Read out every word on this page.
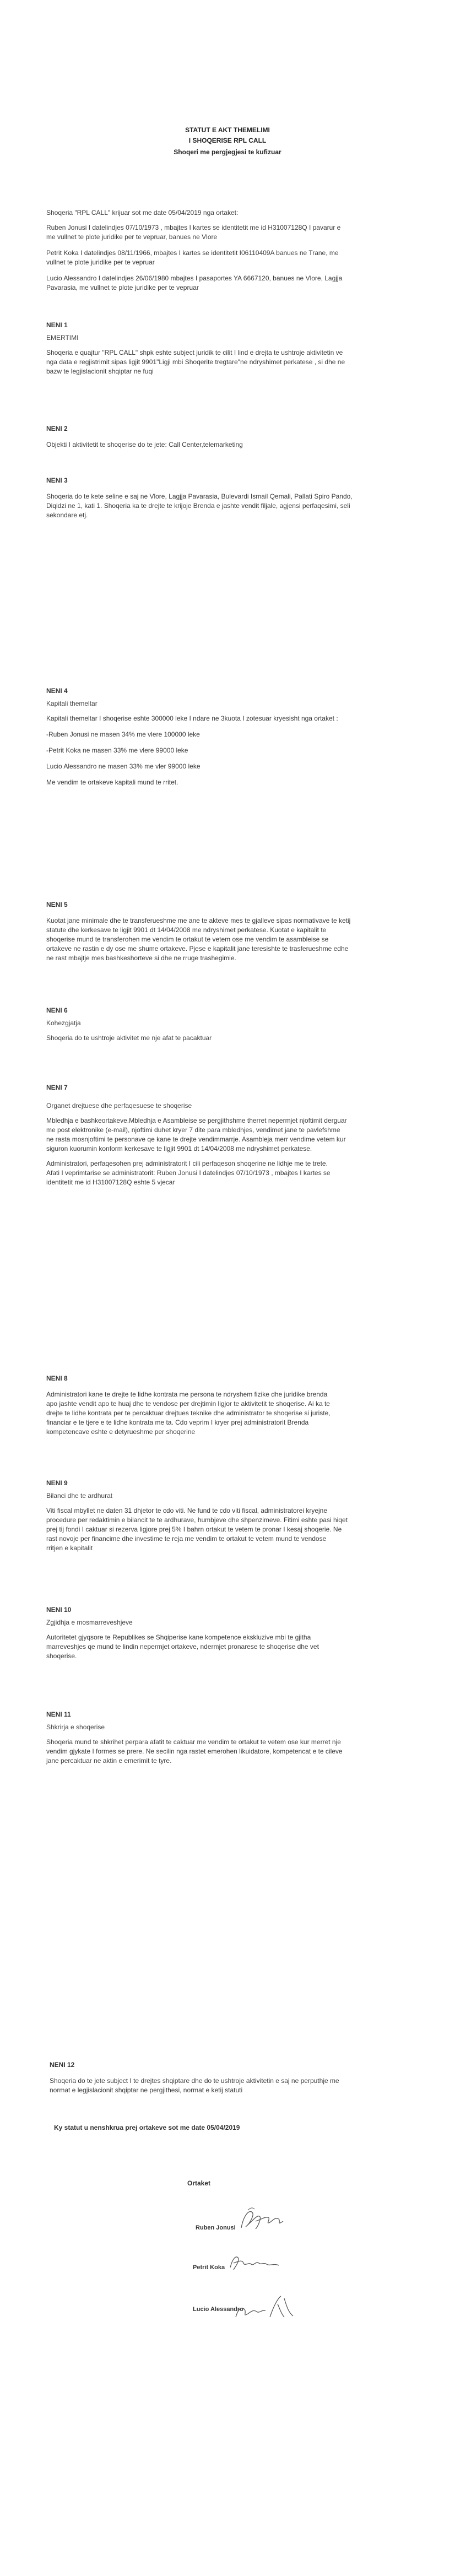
STATUT E AKT THEMELIMI
I SHOQERISE RPL CALL
Shoqeri me pergjegjesi te kufizuar
Shoqeria "RPL CALL" krijuar sot me date 05/04/2019 nga ortaket:
Ruben Jonusi I datelindjes 07/10/1973 , mbajtes I kartes se identitetit me id H31007128Q I pavarur e
me vullnet te plote juridike per te vepruar, banues ne Vlore
Petrit Koka I datelindjes 08/11/1966, mbajtes I kartes se identitetit I06110409A banues ne Trane, me
vullnet te plote juridike per te vepruar
Lucio Alessandro I datelindjes 26/06/1980 mbajtes I pasaportes YA 6667120, banues ne Vlore, Lagjja
Pavarasia, me vullnet te plote juridike per te vepruar

NENI 1

EMERTIMI

Shoqeria e quajtur "RPL CALL" shpk eshte subject juridik te cilit I lind e drejta te ushtroje aktivitetin ve
nga data e regjistrimit sipas ligjit 9901"Ligji mbi Shoqerite tregtare"ne ndryshimet perkatese , si dhe ne
bazw te legjislacionit shqiptar ne fuqi

NENI 2

Objekti I aktivitetit te shoqerise do te jete: Call Center,telemarketing

NENI 3

Shoqeria do te kete seline e saj ne Vlore, Lagjja Pavarasia, Bulevardi Ismail Qemali, Pallati Spiro Pando,
Diqidzi ne 1, kati 1. Shoqeria ka te drejte te krijoje Brenda e jashte vendit filjale, agjensi perfaqesimi, seli
sekondare etj.

NENI 4

Kapitali themeltar

Kapitali themeltar I shoqerise eshte 300000 leke I ndare ne 3kuota I zotesuar kryesisht nga ortaket :
-Ruben Jonusi ne masen 34% me vlere 100000 leke
-Petrit Koka ne masen 33% me vlere 99000 leke
Lucio Alessandro ne masen 33% me vler 99000 leke
Me vendim te ortakeve kapitali mund te rritet.

NENI 5

Kuotat jane minimale dhe te transferueshme me ane te akteve mes te gjalleve sipas normativave te ketij
statute dhe kerkesave te ligjit 9901 dt 14/04/2008 me ndryshimet perkatese. Kuotat e kapitalit te
shoqerise mund te transferohen me vendim te ortakut te vetem ose me vendim te asambleise se
ortakeve ne rastin e dy ose me shume ortakeve. Pjese e kapitalit jane teresishte te trasferueshme edhe
ne rast mbajtje mes bashkeshorteve si dhe ne rruge trashegimie.

NENI 6

Kohezgjatja

Shoqeria do te ushtroje aktivitet me nje afat te pacaktuar

NENI 7

Organet drejtuese dhe perfaqesuese te shoqerise

Mbledhja e bashkeortakeve.Mbledhja e Asambleise se pergjithshme therret nepermjet njoftimit derguar
me post elektronike (e-mail), njoftimi duhet kryer 7 dite para mbledhjes, vendimet jane te pavlefshme
ne rasta mosnjoftimi te personave qe kane te drejte vendimmarrje. Asambleja merr vendime vetem kur
siguron kuorumin konform kerkesave te ligjit 9901 dt 14/04/2008 me ndryshimet perkatese.
Administratori, perfaqesohen prej administratorit I cili perfaqeson shoqerine ne lidhje me te trete.
Afati I veprimtarise se administratorit: Ruben Jonusi I datelindjes 07/10/1973 , mbajtes I kartes se
identitetit me id H31007128Q eshte 5 vjecar

NENI 8

Administratori kane te drejte te lidhe kontrata me persona te ndryshem fizike dhe juridike brenda
apo jashte vendit apo te huaj dhe te vendose per drejtimin ligjor te aktivitetit te shoqerise. Ai ka te
drejte te lidhe kontrata per te percaktuar drejtues teknike dhe administrator te shoqerise si juriste,
financiar e te tjere e te lidhe kontrata me ta. Cdo veprim I kryer prej administratorit Brenda
kompetencave eshte e detyrueshme per shoqerine

NENI 9

Bilanci dhe te ardhurat

Viti fiscal mbyllet ne daten 31 dhjetor te cdo viti. Ne fund te cdo viti fiscal, administratorei kryejne
procedure per redaktimin e bilancit te te ardhurave, humbjeve dhe shpenzimeve. Fitimi eshte pasi hiqet
prej tij fondi I caktuar si rezerva ligjore prej 5% I bahrn ortakut te vetem te pronar I kesaj shoqerie. Ne
rast novoje per financime dhe investime te reja me vendim te ortakut te vetem mund te vendose
rritjen e kapitalit

NENI 10

Zgjidhja e mosmarreveshjeve

Autoritetet gjyqsore te Republikes se Shqiperise kane kompetence ekskluzive mbi te gjitha
marreveshjes qe mund te lindin nepermjet ortakeve, ndermjet pronarese te shoqerise dhe vet
shoqerise.

NENI 11

Shkrirja e shoqerise

Shoqeria mund te shkrihet perpara afatit te caktuar me vendim te ortakut te vetem ose kur merret nje
vendim gjykate I formes se prere. Ne secilin nga rastet emerohen likuidatore, kompetencat e te cileve
jane percaktuar ne aktin e emerimit te tyre.

NENI 12

Shoqeria do te jete subject I te drejtes shqiptare dhe do te ushtroje aktivitetin e saj ne perputhje me
normat e legjislacionit shqiptar ne pergjithesi, normat e ketij statuti
Ky statut u nenshkrua prej ortakeve sot me date 05/04/2019
Ortaket
Ruben Jonusi
Petrit Koka
Lucio Alessandro
